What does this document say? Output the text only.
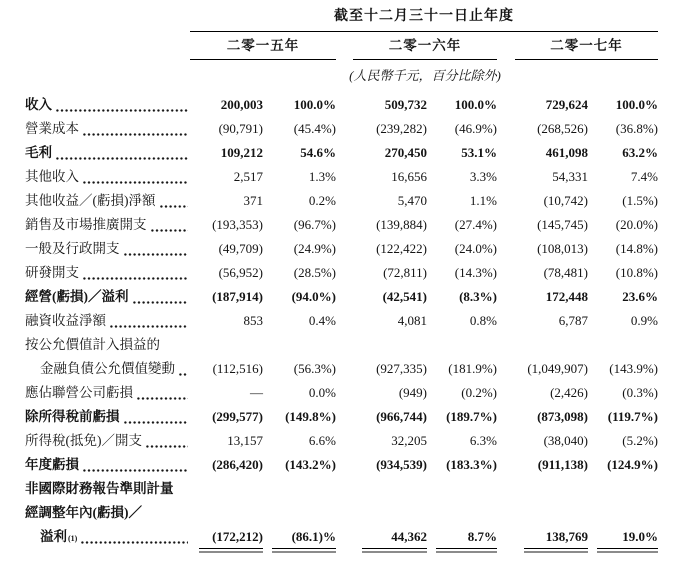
截至十二月三十一日止年度
二零一五年	二零一六年	二零一七年
(人民幣千元，百分比除外)
收入	200,003	100.0%	509,732	100.0%	729,624	100.0%
營業成本	(90,791)	(45.4%)	(239,282)	(46.9%)	(268,526)	(36.8%)
毛利	109,212	54.6%	270,450	53.1%	461,098	63.2%
其他收入	2,517	1.3%	16,656	3.3%	54,331	7.4%
其他收益／(虧損)淨額	371	0.2%	5,470	1.1%	(10,742)	(1.5%)
銷售及市場推廣開支	(193,353)	(96.7%)	(139,884)	(27.4%)	(145,745)	(20.0%)
一般及行政開支	(49,709)	(24.9%)	(122,422)	(24.0%)	(108,013)	(14.8%)
研發開支	(56,952)	(28.5%)	(72,811)	(14.3%)	(78,481)	(10.8%)
經營(虧損)／溢利	(187,914)	(94.0%)	(42,541)	(8.3%)	172,448	23.6%
融資收益淨額	853	0.4%	4,081	0.8%	6,787	0.9%
按公允價值計入損益的
金融負債公允價值變動	(112,516)	(56.3%)	(927,335)	(181.9%)	(1,049,907)	(143.9%)
應佔聯營公司虧損	—	0.0%	(949)	(0.2%)	(2,426)	(0.3%)
除所得稅前虧損	(299,577)	(149.8%)	(966,744)	(189.7%)	(873,098)	(119.7%)
所得稅(抵免)／開支	13,157	6.6%	32,205	6.3%	(38,040)	(5.2%)
年度虧損	(286,420)	(143.2%)	(934,539)	(183.3%)	(911,138)	(124.9%)
非國際財務報告準則計量
經調整年內(虧損)／
溢利 (1)	(172,212)	(86.1)%	44,362	8.7%	138,769	19.0%
